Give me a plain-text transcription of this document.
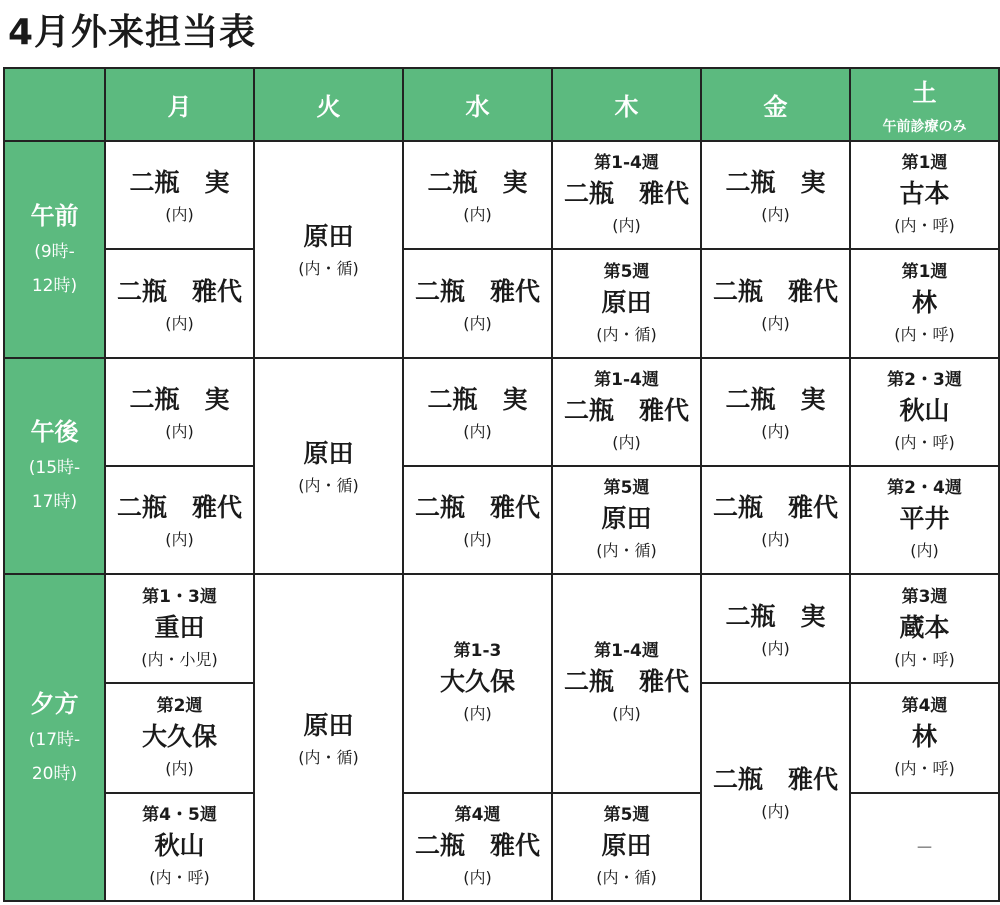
4月外来担当表

	月	火	水	木	金	土
午前診療のみ

午前
(9時-
12時)	二瓶　実
(内)	原田
(内・循)	二瓶　実
(内)	第1-4週
二瓶　雅代
(内)	二瓶　実
(内)	第1週
古本
(内・呼)

	二瓶　雅代
(内)		二瓶　雅代
(内)	第5週
原田
(内・循)	二瓶　雅代
(内)	第1週
林
(内・呼)

午後
(15時-
17時)	二瓶　実
(内)	原田
(内・循)	二瓶　実
(内)	第1-4週
二瓶　雅代
(内)	二瓶　実
(内)	第2・3週
秋山
(内・呼)

	二瓶　雅代
(内)		二瓶　雅代
(内)	第5週
原田
(内・循)	二瓶　雅代
(内)	第2・4週
平井
(内)

夕方
(17時-
20時)	第1・3週
重田
(内・小児)	原田
(内・循)	第1-3
大久保
(内)	第1-4週
二瓶　雅代
(内)	二瓶　実
(内)	第3週
蔵本
(内・呼)

	第2週
大久保
(内)				二瓶　雅代
(内)	第4週
林
(内・呼)

	第4・5週
秋山
(内・呼)		第4週
二瓶　雅代
(内)	第5週
原田
(内・循)		－
